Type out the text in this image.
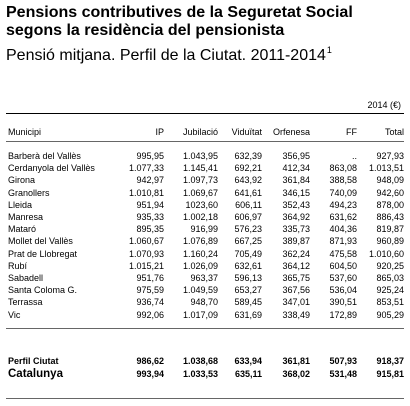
Pensions contributives de la Seguretat Social
segons la residència del pensionista
Pensió mitjana. Perfil de la Ciutat. 2011-2014$^1$
2014 (€)
Municipi	IP Jubilació Viduïtat Orfenesa	FF	Total
Barberà del Vallès	995,95 1.043,95 632,39 356,95	.. 927,93
Cerdanyola del Vallès	1.077,33 1.145,41 692,21 412,34 863,08 1.013,51
Girona	942,97 1.097,73 643,92 361,84 388,58 948,09
Granollers	1.010,81 1.069,67 641,61 346,15 740,09 942,60
Lleida	951,94 1023,60 606,11 352,43 494,23 878,00
Manresa	935,33 1.002,18 606,97 364,92 631,62 886,43
Mataró	895,35	916,99 576,23 335,73 404,36 819,87
Mollet del Vallès	1.060,67 1.076,89 667,25 389,87 871,93 960,89
Prat de Llobregat	1.070,93 1.160,24 705,49 362,24 475,58 1.010,60
Rubí	1.015,21 1.026,09 632,61 364,12 604,50 920,25
Sabadell	951,76	963,37 596,13 365,75 537,60 865,03
Santa Coloma G.	975,59 1.049,59 653,27 367,56 536,04 925,24
Terrassa	936,74	948,70 589,45 347,01 390,51 853,51
Vic	992,06 1.017,09 631,69 338,49 172,89 905,29
Perfil Ciutat	986,62 1.038,68 633,94 361,81 507,93 918,37
Catalunya	993,94 1.033,53 635,11 368,02 531,48 915,81
